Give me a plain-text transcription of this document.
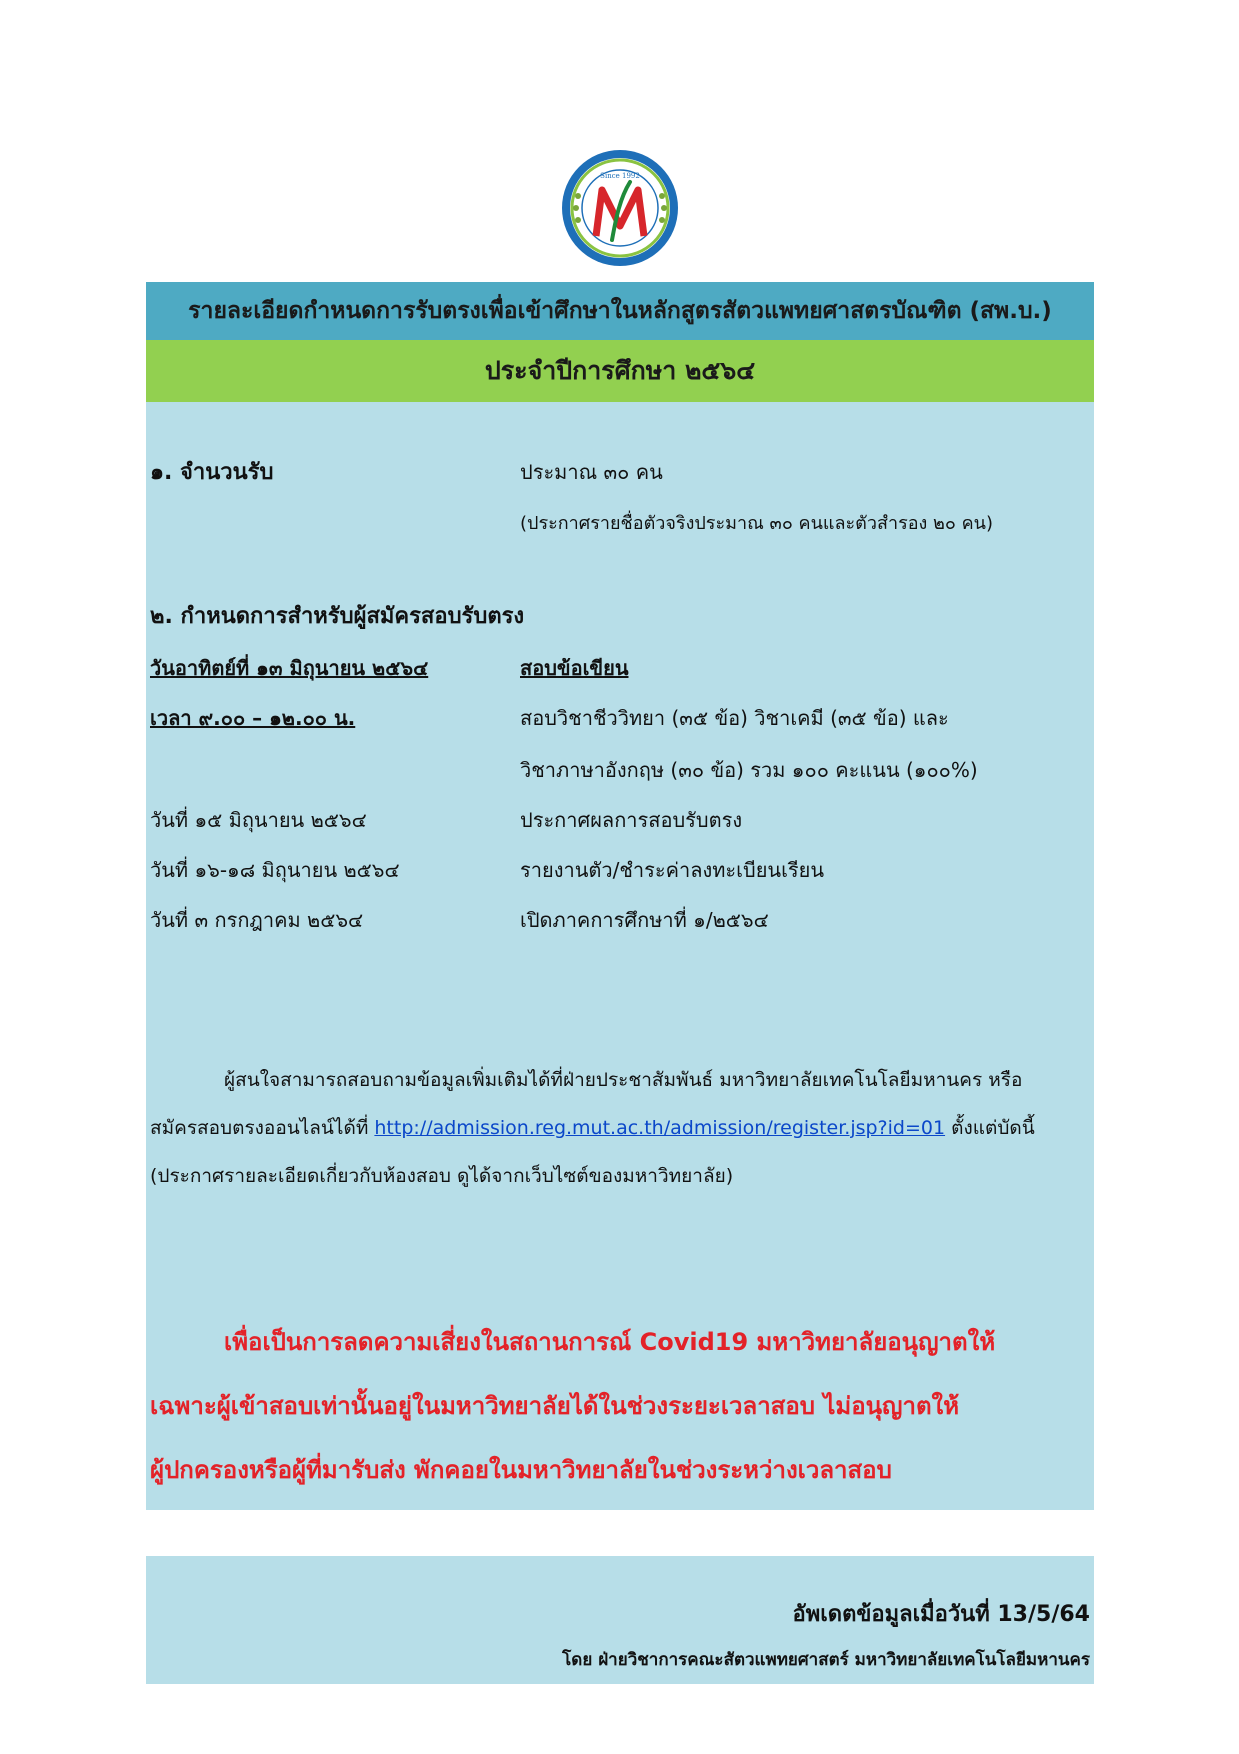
Since 1992
รายละเอียดกำหนดการรับตรงเพื่อเข้าศึกษาในหลักสูตรสัตวแพทยศาสตรบัณฑิต (สพ.บ.)
ประจำปีการศึกษา ๒๕๖๔
๑. จำนวนรับ	ประมาณ ๓๐ คน
(ประกาศรายชื่อตัวจริงประมาณ ๓๐ คนและตัวสำรอง ๒๐ คน)
๒. กำหนดการสำหรับผู้สมัครสอบรับตรง
วันอาทิตย์ที่ ๑๓ มิถุนายน ๒๕๖๔	สอบข้อเขียน
เวลา ๙.๐๐ – ๑๒.๐๐ น.	สอบวิชาชีววิทยา (๓๕ ข้อ) วิชาเคมี (๓๕ ข้อ) และ
วิชาภาษาอังกฤษ (๓๐ ข้อ) รวม ๑๐๐ คะแนน (๑๐๐%)
วันที่ ๑๕ มิถุนายน ๒๕๖๔	ประกาศผลการสอบรับตรง
วันที่ ๑๖-๑๘ มิถุนายน ๒๕๖๔	รายงานตัว/ชำระค่าลงทะเบียนเรียน
วันที่ ๓ กรกฎาคม ๒๕๖๔	เปิดภาคการศึกษาที่ ๑/๒๕๖๔
ผู้สนใจสามารถสอบถามข้อมูลเพิ่มเติมได้ที่ฝ่ายประชาสัมพันธ์ มหาวิทยาลัยเทคโนโลยีมหานคร หรือ
สมัครสอบตรงออนไลน์ได้ที่ http://admission.reg.mut.ac.th/admission/register.jsp?id=01 ตั้งแต่บัดนี้
(ประกาศรายละเอียดเกี่ยวกับห้องสอบ ดูได้จากเว็บไซต์ของมหาวิทยาลัย)
เพื่อเป็นการลดความเสี่ยงในสถานการณ์ Covid19 มหาวิทยาลัยอนุญาตให้
เฉพาะผู้เข้าสอบเท่านั้นอยู่ในมหาวิทยาลัยได้ในช่วงระยะเวลาสอบ ไม่อนุญาตให้
ผู้ปกครองหรือผู้ที่มารับส่ง พักคอยในมหาวิทยาลัยในช่วงระหว่างเวลาสอบ
อัพเดตข้อมูลเมื่อวันที่ 13/5/64
โดย ฝ่ายวิชาการคณะสัตวแพทยศาสตร์ มหาวิทยาลัยเทคโนโลยีมหานคร
